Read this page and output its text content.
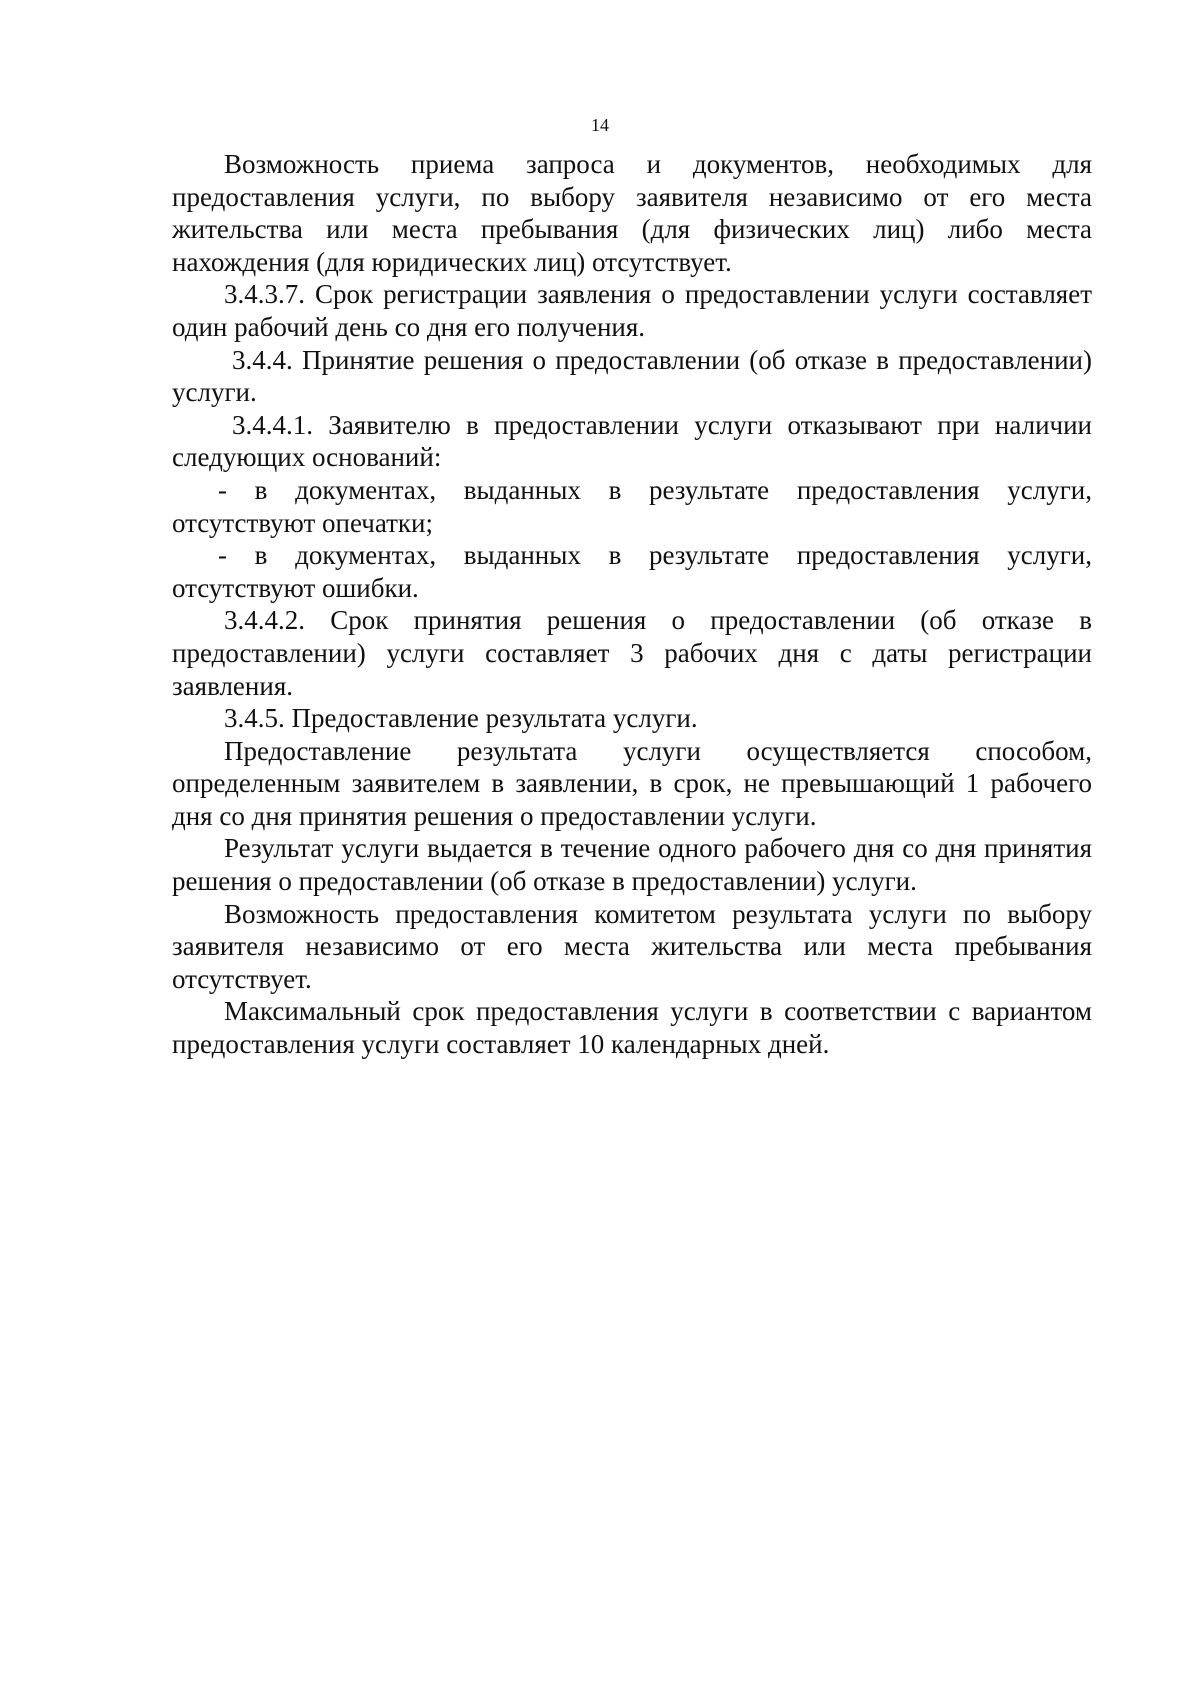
14

Возможность приема запроса и документов, необходимых для предоставления услуги, по выбору заявителя независимо от его места жительства или места пребывания (для физических лиц) либо места нахождения (для юридических лиц) отсутствует.

3.4.3.7. Срок регистрации заявления о предоставлении услуги составляет один рабочий день со дня его получения.

3.4.4. Принятие решения о предоставлении (об отказе в предоставлении) услуги.

3.4.4.1. Заявителю в предоставлении услуги отказывают при наличии следующих оснований:

- в документах, выданных в результате предоставления услуги, отсутствуют опечатки;

- в документах, выданных в результате предоставления услуги, отсутствуют ошибки.

3.4.4.2. Срок принятия решения о предоставлении (об отказе в предоставлении) услуги составляет 3 рабочих дня с даты регистрации заявления.

3.4.5. Предоставление результата услуги.

Предоставление результата услуги осуществляется способом, определенным заявителем в заявлении, в срок, не превышающий 1 рабочего дня со дня принятия решения о предоставлении услуги.

Результат услуги выдается в течение одного рабочего дня со дня принятия решения о предоставлении (об отказе в предоставлении) услуги.

Возможность предоставления комитетом результата услуги по выбору заявителя независимо от его места жительства или места пребывания отсутствует.

Максимальный срок предоставления услуги в соответствии с вариантом предоставления услуги составляет 10 календарных дней.
